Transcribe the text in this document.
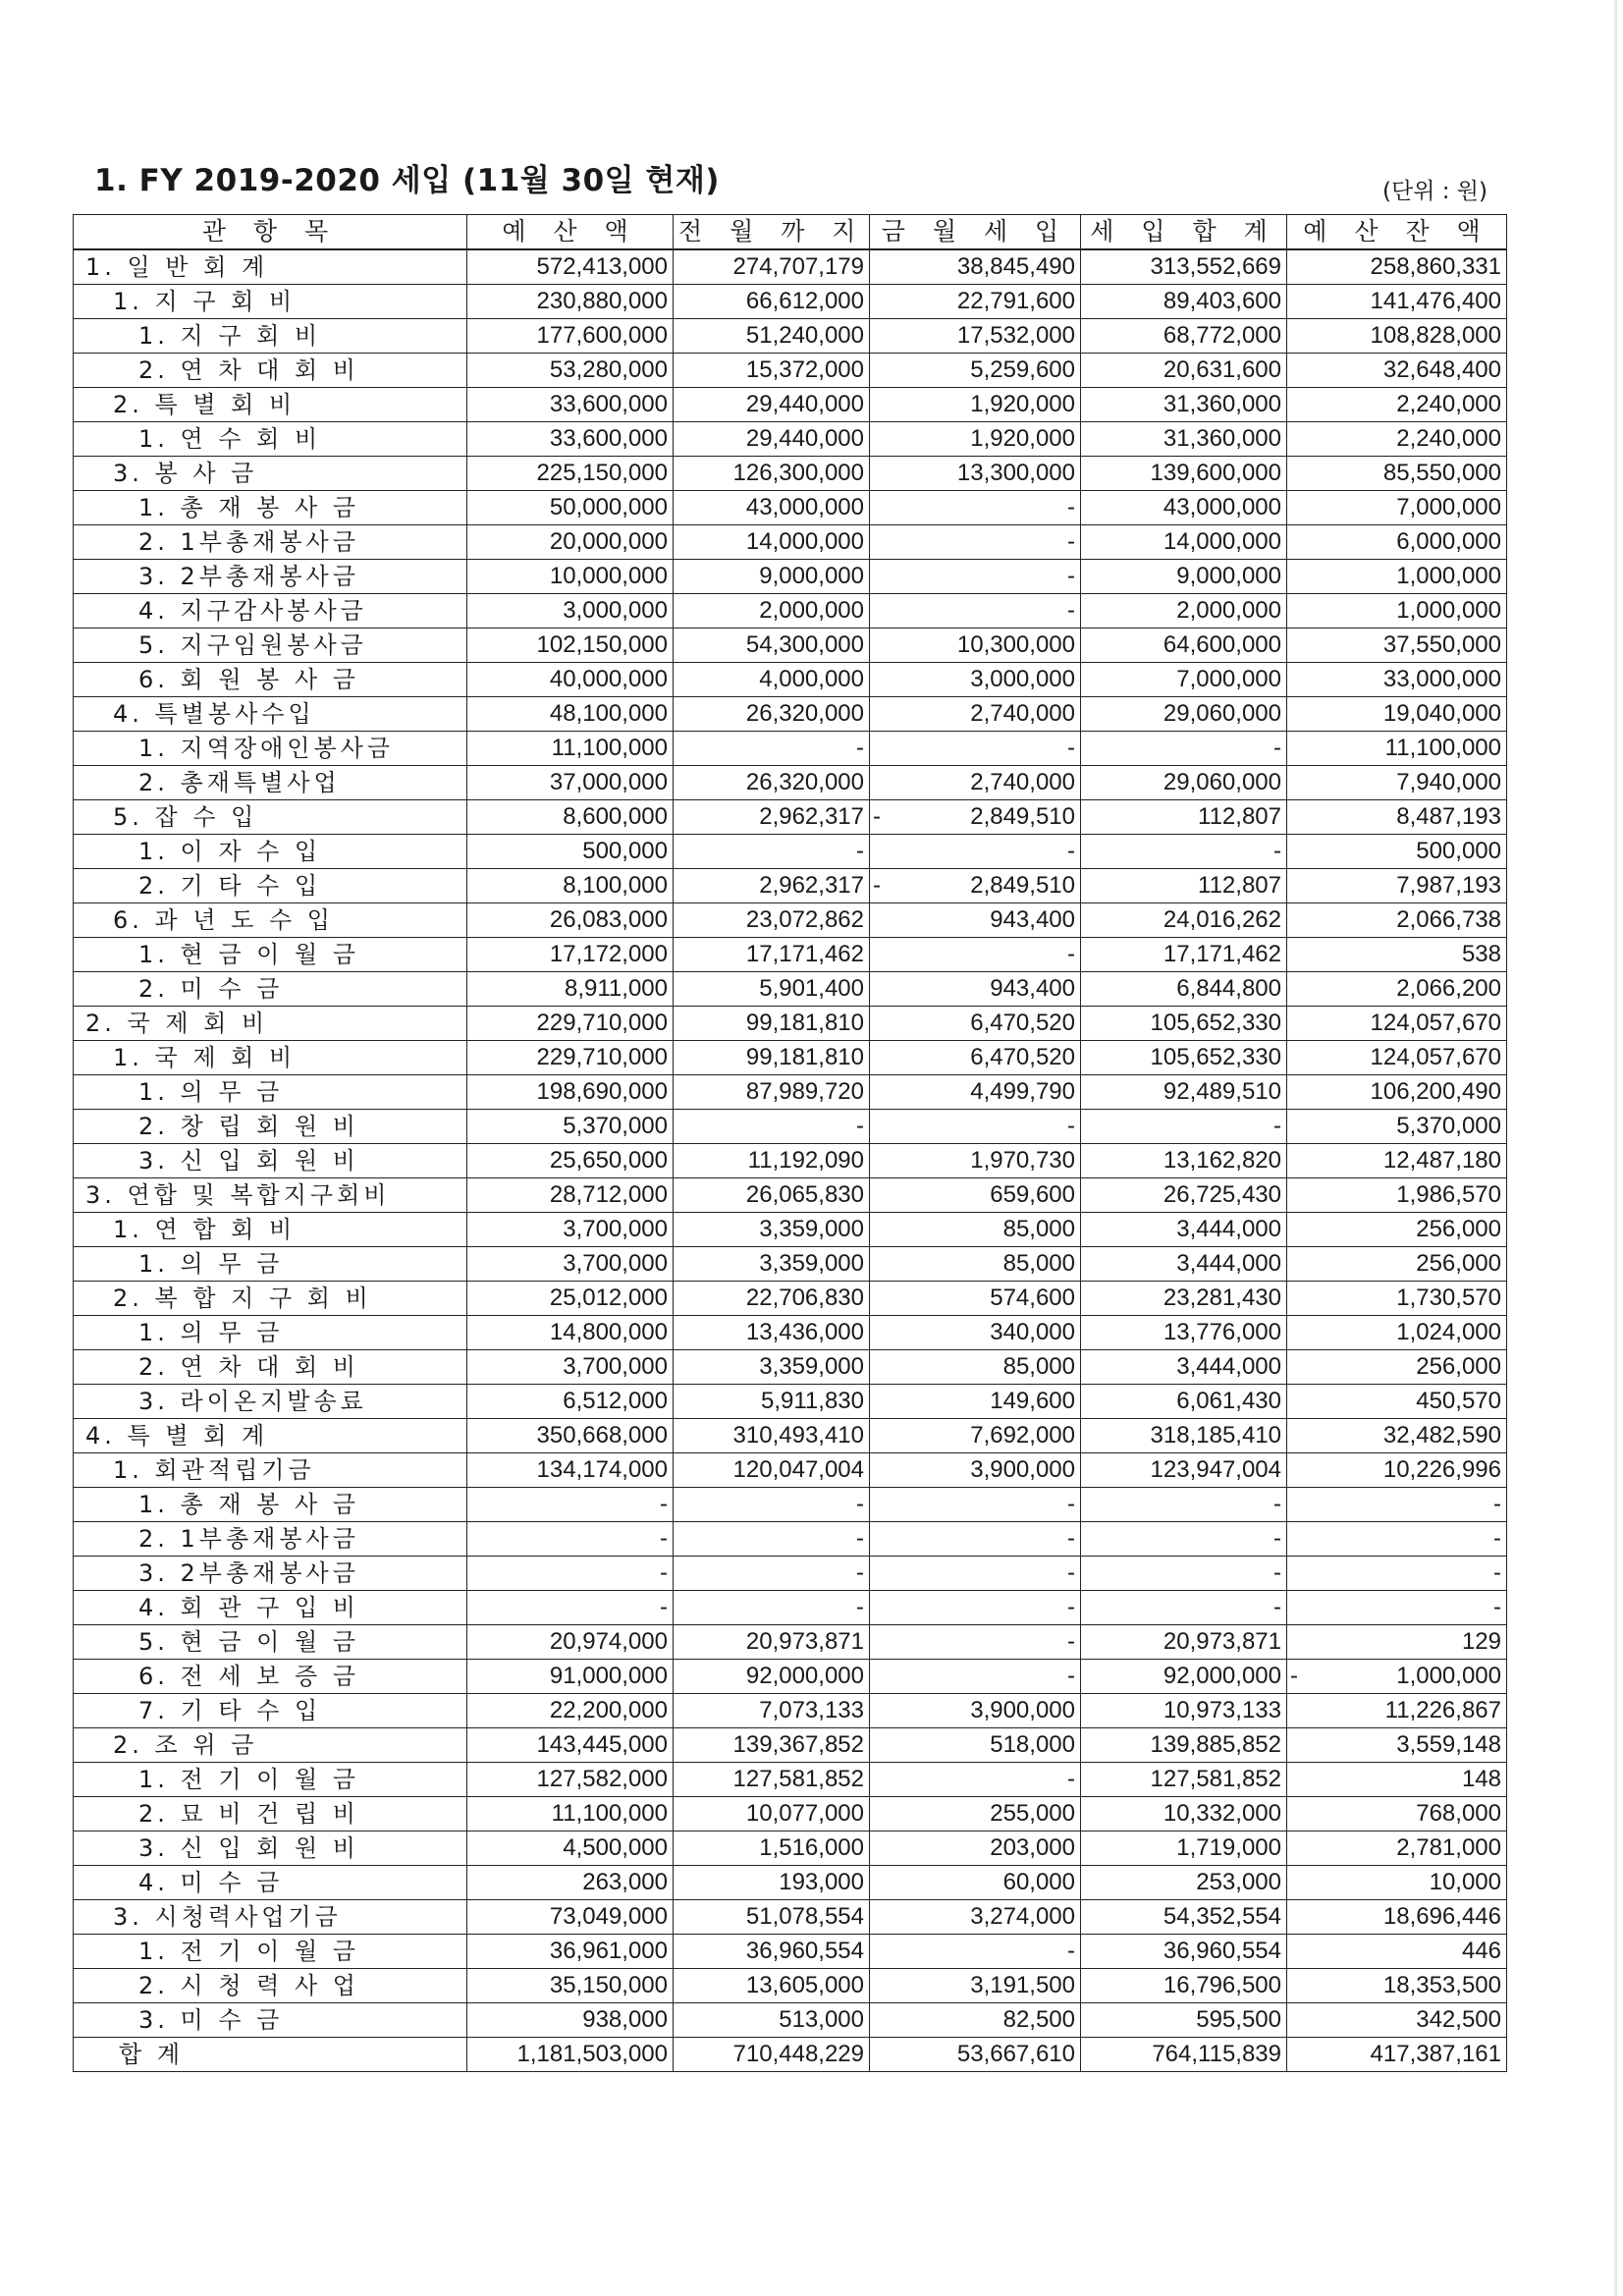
1. FY 2019-2020 세입 (11월 30일 현재)	(단위 : 원)
관 항 목	예 산 액	전 월 까 지	금 월 세 입	세 입 합 계	예 산 잔 액
1. 일 반 회 계	572,413,000	274,707,179	38,845,490	313,552,669	258,860,331
1. 지 구 회 비	230,880,000	66,612,000	22,791,600	89,403,600	141,476,400
1. 지 구 회 비	177,600,000	51,240,000	17,532,000	68,772,000	108,828,000
2. 연 차 대 회 비	53,280,000	15,372,000	5,259,600	20,631,600	32,648,400
2. 특 별 회 비	33,600,000	29,440,000	1,920,000	31,360,000	2,240,000
1. 연 수 회 비	33,600,000	29,440,000	1,920,000	31,360,000	2,240,000
3. 봉 사 금	225,150,000	126,300,000	13,300,000	139,600,000	85,550,000
1. 총 재 봉 사 금	50,000,000	43,000,000	-	43,000,000	7,000,000
2. 1부총재봉사금	20,000,000	14,000,000	-	14,000,000	6,000,000
3. 2부총재봉사금	10,000,000	9,000,000	-	9,000,000	1,000,000
4. 지구감사봉사금	3,000,000	2,000,000	-	2,000,000	1,000,000
5. 지구임원봉사금	102,150,000	54,300,000	10,300,000	64,600,000	37,550,000
6. 회 원 봉 사 금	40,000,000	4,000,000	3,000,000	7,000,000	33,000,000
4. 특별봉사수입	48,100,000	26,320,000	2,740,000	29,060,000	19,040,000
1. 지역장애인봉사금	11,100,000	-	-	-	11,100,000
2. 총재특별사업	37,000,000	26,320,000	2,740,000	29,060,000	7,940,000
5. 잡 수 입	8,600,000	2,962,317	- 2,849,510	112,807	8,487,193
1. 이 자 수 입	500,000	-	-	-	500,000
2. 기 타 수 입	8,100,000	2,962,317	- 2,849,510	112,807	7,987,193
6. 과 년 도 수 입	26,083,000	23,072,862	943,400	24,016,262	2,066,738
1. 현 금 이 월 금	17,172,000	17,171,462	-	17,171,462	538
2. 미 수 금	8,911,000	5,901,400	943,400	6,844,800	2,066,200
2. 국 제 회 비	229,710,000	99,181,810	6,470,520	105,652,330	124,057,670
1. 국 제 회 비	229,710,000	99,181,810	6,470,520	105,652,330	124,057,670
1. 의 무 금	198,690,000	87,989,720	4,499,790	92,489,510	106,200,490
2. 창 립 회 원 비	5,370,000	-	-	-	5,370,000
3. 신 입 회 원 비	25,650,000	11,192,090	1,970,730	13,162,820	12,487,180
3. 연합 및 복합지구회비	28,712,000	26,065,830	659,600	26,725,430	1,986,570
1. 연 합 회 비	3,700,000	3,359,000	85,000	3,444,000	256,000
1. 의 무 금	3,700,000	3,359,000	85,000	3,444,000	256,000
2. 복 합 지 구 회 비	25,012,000	22,706,830	574,600	23,281,430	1,730,570
1. 의 무 금	14,800,000	13,436,000	340,000	13,776,000	1,024,000
2. 연 차 대 회 비	3,700,000	3,359,000	85,000	3,444,000	256,000
3. 라이온지발송료	6,512,000	5,911,830	149,600	6,061,430	450,570
4. 특 별 회 계	350,668,000	310,493,410	7,692,000	318,185,410	32,482,590
1. 회관적립기금	134,174,000	120,047,004	3,900,000	123,947,004	10,226,996
1. 총 재 봉 사 금	-	-	-	-	-
2. 1부총재봉사금	-	-	-	-	-
3. 2부총재봉사금	-	-	-	-	-
4. 회 관 구 입 비	-	-	-	-	-
5. 현 금 이 월 금	20,974,000	20,973,871	-	20,973,871	129
6. 전 세 보 증 금	91,000,000	92,000,000	-	92,000,000	- 1,000,000
7. 기 타 수 입	22,200,000	7,073,133	3,900,000	10,973,133	11,226,867
2. 조 위 금	143,445,000	139,367,852	518,000	139,885,852	3,559,148
1. 전 기 이 월 금	127,582,000	127,581,852	-	127,581,852	148
2. 묘 비 건 립 비	11,100,000	10,077,000	255,000	10,332,000	768,000
3. 신 입 회 원 비	4,500,000	1,516,000	203,000	1,719,000	2,781,000
4. 미 수 금	263,000	193,000	60,000	253,000	10,000
3. 시청력사업기금	73,049,000	51,078,554	3,274,000	54,352,554	18,696,446
1. 전 기 이 월 금	36,961,000	36,960,554	-	36,960,554	446
2. 시 청 력 사 업	35,150,000	13,605,000	3,191,500	16,796,500	18,353,500
3. 미 수 금	938,000	513,000	82,500	595,500	342,500
합 계	1,181,503,000	710,448,229	53,667,610	764,115,839	417,387,161
